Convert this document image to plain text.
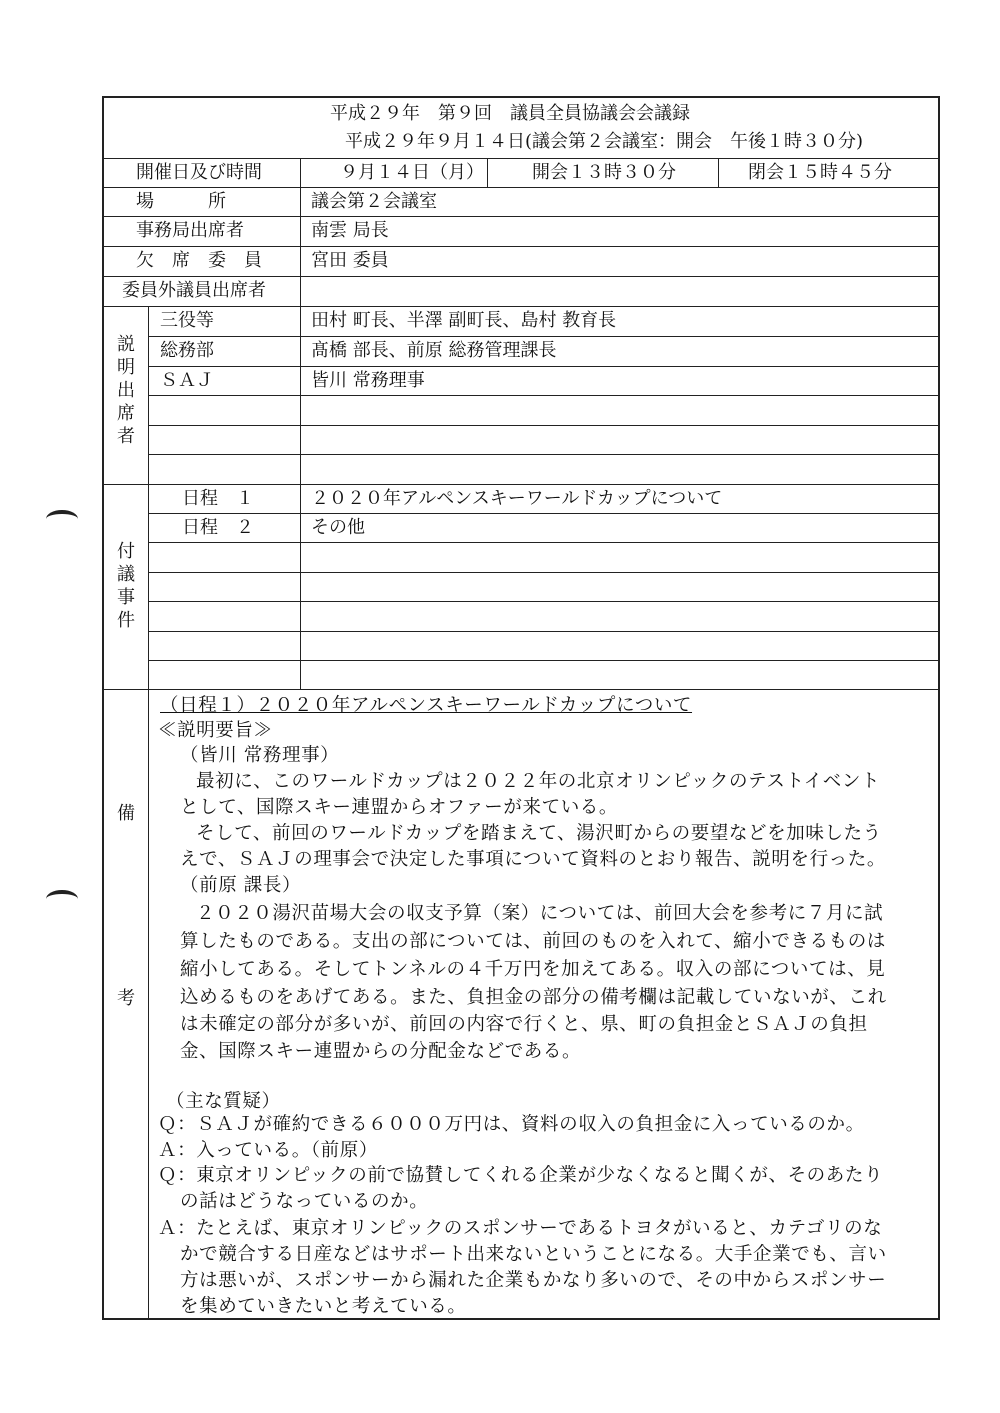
平成２９年　第９回　議員全員協議会会議録
平成２９年９月１４日(議会第２会議室：開会　午後１時３０分)
開催日及び時間	９月１４日（月）	開会１３時３０分	閉会１５時４５分
場　　　所	議会第２会議室
事務局出席者	南雲 局長
欠　席　委　員	宮田 委員
委員外議員出席者
説明出席者
三役等	田村 町長、半澤 副町長、島村 教育長
総務部	髙橋 部長、前原 総務管理課長
ＳＡＪ	皆川 常務理事
付議事件
日程　１	２０２０年アルペンスキーワールドカップについて
日程　２	その他
備
考
（日程１）２０２０年アルペンスキーワールドカップについて
≪説明要旨≫
（皆川 常務理事）
最初に、このワールドカップは２０２２年の北京オリンピックのテストイベント
として、国際スキー連盟からオファーが来ている。
そして、前回のワールドカップを踏まえて、湯沢町からの要望などを加味したう
えで、ＳＡＪの理事会で決定した事項について資料のとおり報告、説明を行った。
（前原 課長）
２０２０湯沢苗場大会の収支予算（案）については、前回大会を参考に７月に試
算したものである。支出の部については、前回のものを入れて、縮小できるものは
縮小してある。そしてトンネルの４千万円を加えてある。収入の部については、見
込めるものをあげてある。また、負担金の部分の備考欄は記載していないが、これ
は未確定の部分が多いが、前回の内容で行くと、県、町の負担金とＳＡＪの負担
金、国際スキー連盟からの分配金などである。
（主な質疑）
Ｑ：ＳＡＪが確約できる６０００万円は、資料の収入の負担金に入っているのか。
Ａ：入っている。（前原）
Ｑ：東京オリンピックの前で協賛してくれる企業が少なくなると聞くが、そのあたり
の話はどうなっているのか。
Ａ：たとえば、東京オリンピックのスポンサーであるトヨタがいると、カテゴリのな
かで競合する日産などはサポート出来ないということになる。大手企業でも、言い
方は悪いが、スポンサーから漏れた企業もかなり多いので、その中からスポンサー
を集めていきたいと考えている。
